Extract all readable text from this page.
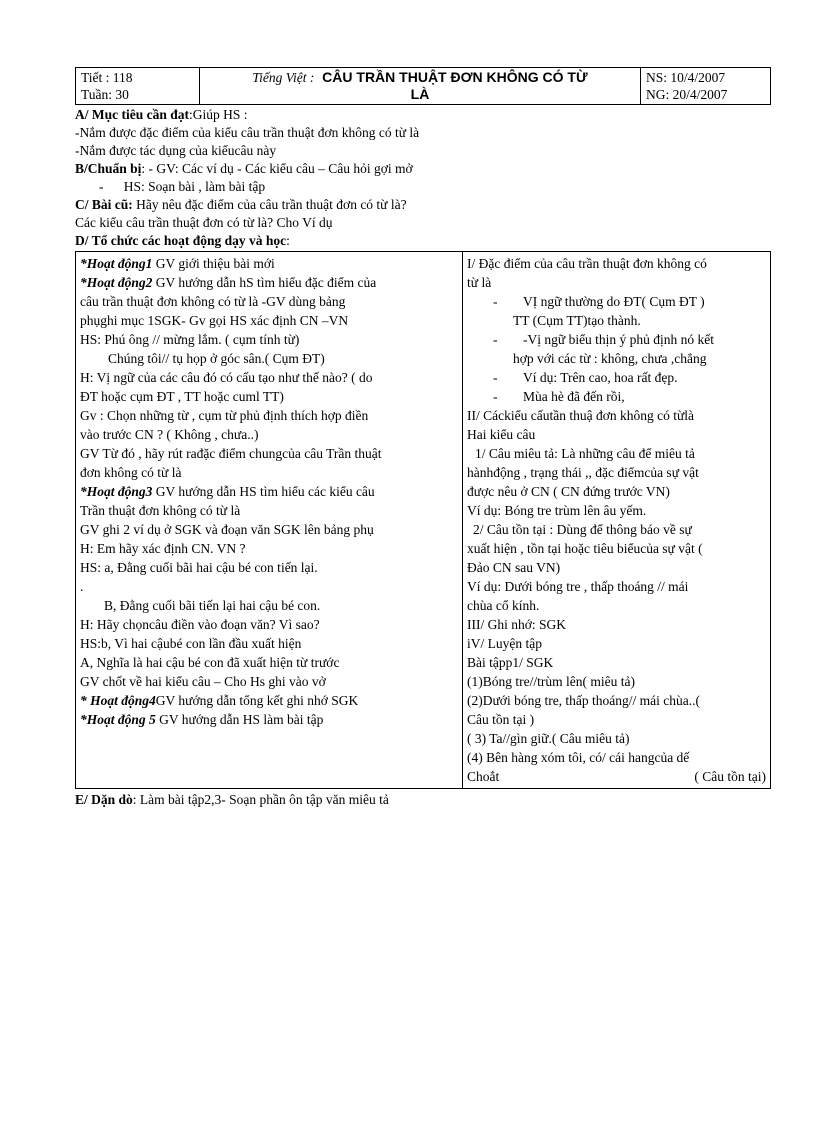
Tiết : 118
Tuần: 30

Tiếng Việt : CÂU TRẦN THUẬT ĐƠN KHÔNG CÓ TỪ
LÀ

NS: 10/4/2007
NG: 20/4/2007
A/ Mục tiêu cần đạt:Giúp HS :
-Nắm được đặc điểm của kiểu câu trần thuật đơn không có từ là
-Nắm được tác dụng của kiểucâu này
B/Chuẩn bị: - GV: Các ví dụ - Các kiểu câu – Câu hỏi gợi mở
-      HS: Soạn bài , làm bài tập
C/ Bài cũ: Hãy nêu đặc điểm của câu trần thuật đơn có từ là?
Các kiểu câu trần thuật đơn có từ là? Cho Ví dụ
D/ Tổ chức các hoạt động dạy và học:
*Hoạt động1 GV giới thiệu bài mới
*Hoạt động2 GV hướng dẫn hS tìm hiểu đặc điểm của
câu trần thuật đơn không có từ là -GV dùng bảng
phụghi mục 1SGK- Gv gọi HS xác định CN –VN
HS: Phú ông // mừng lắm. ( cụm tính từ)
Chúng tôi// tụ họp ở góc sân.( Cụm ĐT)
H: Vị ngữ của các câu đó có cấu tạo như thế nào? ( do
ĐT hoặc cụm ĐT , TT hoặc cuml TT)
Gv : Chọn những từ , cụm từ phủ định thích hợp điền
vào trước CN ? ( Không , chưa..)
GV Từ đó , hãy rút rađặc điểm chungcủa câu Trần thuật
đơn không có từ là
*Hoạt động3 GV hướng dẫn HS tìm hiểu các kiểu câu
Trần thuật đơn không có từ là
GV ghi 2 ví dụ ở SGK và đoạn văn SGK lên bảng phụ
H: Em hãy xác định CN. VN ?
HS: a, Đằng cuối bãi hai cậu bé con tiến lại.
.
B, Đằng cuối bãi tiến lại hai cậu bé con.
H: Hãy chọncâu điền vào đoạn văn? Vì sao?
HS:b, Vì hai cậubé con lần đầu xuất hiện
A, Nghĩa là hai cậu bé con đã xuất hiện từ trước
GV chốt về hai kiểu câu – Cho Hs ghi vào vở
* Hoạt động4GV hướng dẫn tổng kết ghi nhớ SGK
*Hoạt động 5 GV hướng dẫn HS làm bài tập

I/ Đặc điểm của câu trần thuật đơn không có
từ là
- VỊ ngữ thường do ĐT( Cụm ĐT )
TT (Cụm TT)tạo thành.
- -Vị ngữ biểu thịn ý phủ định nó kết
hợp với các từ : không, chưa ,chẳng
- Ví dụ: Trên cao, hoa rất đẹp.
- Mùa hè đã đến rồi,
II/ Cáckiểu cấutần thuậ đơn không có từlà
Hai kiểu câu
1/ Câu miêu tả: Là những câu để miêu tả
hànhđộng , trạng thái ,, đặc điểmcủa sự vật
được nêu ở CN ( CN đứng trước VN)
Ví dụ: Bóng tre trùm lên âu yếm.
2/ Câu tồn tại : Dùng để thông báo về sự
xuất hiện , tồn tại hoặc tiêu biểucủa sự vật (
Đảo CN sau VN)
Ví dụ: Dưới bóng tre , thấp thoáng // mái
chùa cổ kính.
III/ Ghi nhớ: SGK
iV/ Luyện tập
Bài tậpp1/ SGK
(1)Bóng tre//trùm lên( miêu tả)
(2)Dưới bóng tre, thấp thoáng// mái chùa..(
Câu tồn tại )
( 3) Ta//gìn giữ.( Câu miêu tả)
(4) Bên hàng xóm tôi, có/ cái hangcủa dế
Choắt	( Câu tồn tại)
E/ Dặn dò: Làm bài tập2,3- Soạn phần ôn tập văn miêu tả
